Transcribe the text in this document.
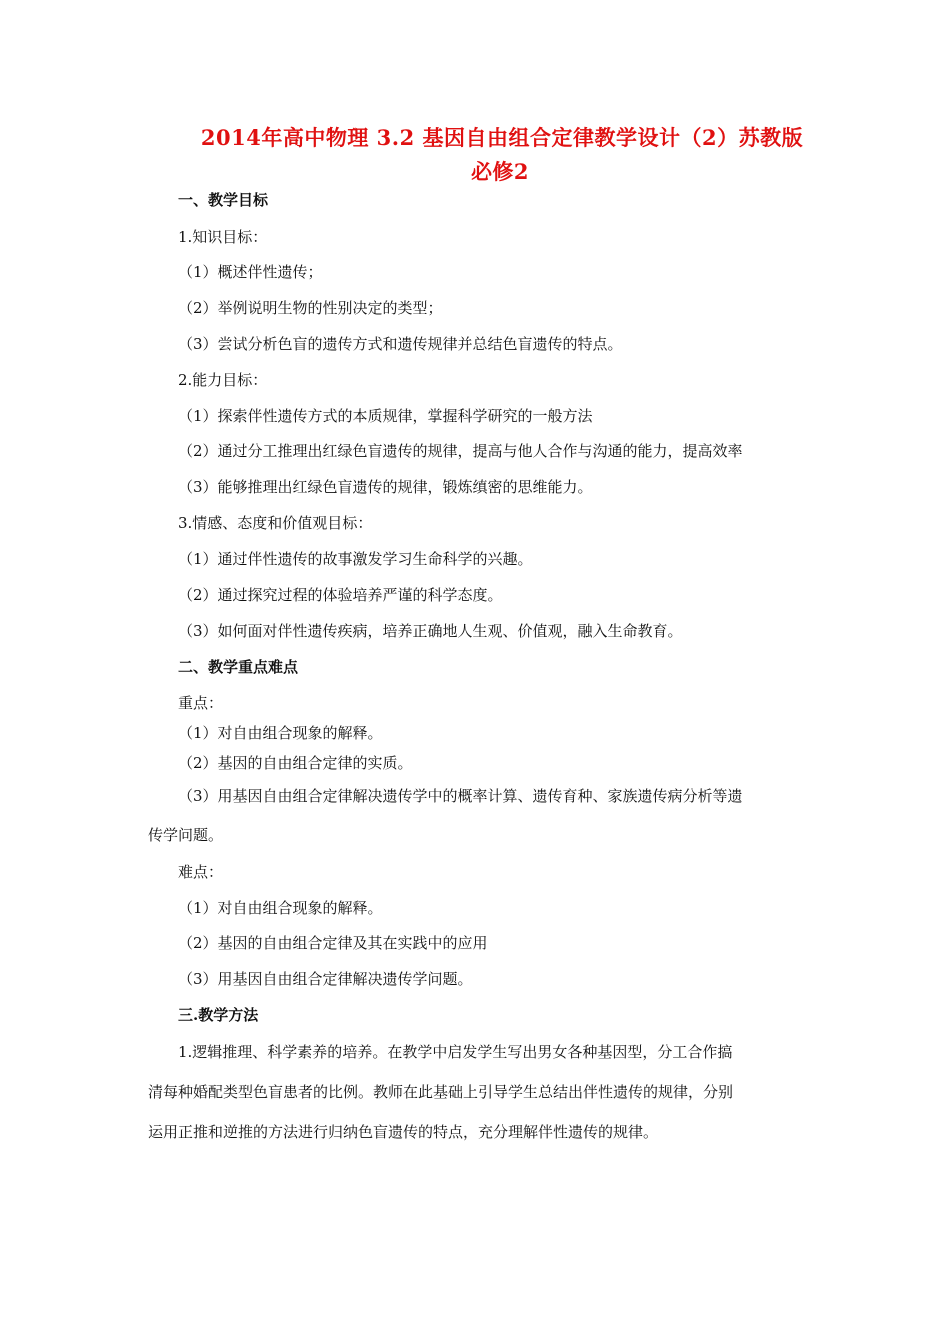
2014年高中物理 3.2 基因自由组合定律教学设计（2）苏教版
必修2
一、教学目标
1.知识目标：
（1）概述伴性遗传；
（2）举例说明生物的性别决定的类型；
（3）尝试分析色盲的遗传方式和遗传规律并总结色盲遗传的特点。
2.能力目标：
（1）探索伴性遗传方式的本质规律，掌握科学研究的一般方法
（2）通过分工推理出红绿色盲遗传的规律，提高与他人合作与沟通的能力，提高效率
（3）能够推理出红绿色盲遗传的规律，锻炼缜密的思维能力。
3.情感、态度和价值观目标：
（1）通过伴性遗传的故事激发学习生命科学的兴趣。
（2）通过探究过程的体验培养严谨的科学态度。
（3）如何面对伴性遗传疾病，培养正确地人生观、价值观，融入生命教育。
二、教学重点难点
重点：
（1）对自由组合现象的解释。
（2）基因的自由组合定律的实质。
（3）用基因自由组合定律解决遗传学中的概率计算、遗传育种、家族遗传病分析等遗
传学问题。
难点：
（1）对自由组合现象的解释。
（2）基因的自由组合定律及其在实践中的应用
（3）用基因自由组合定律解决遗传学问题。
三.教学方法
1.逻辑推理、科学素养的培养。在教学中启发学生写出男女各种基因型，分工合作搞
清每种婚配类型色盲患者的比例。教师在此基础上引导学生总结出伴性遗传的规律，分别
运用正推和逆推的方法进行归纳色盲遗传的特点，充分理解伴性遗传的规律。
